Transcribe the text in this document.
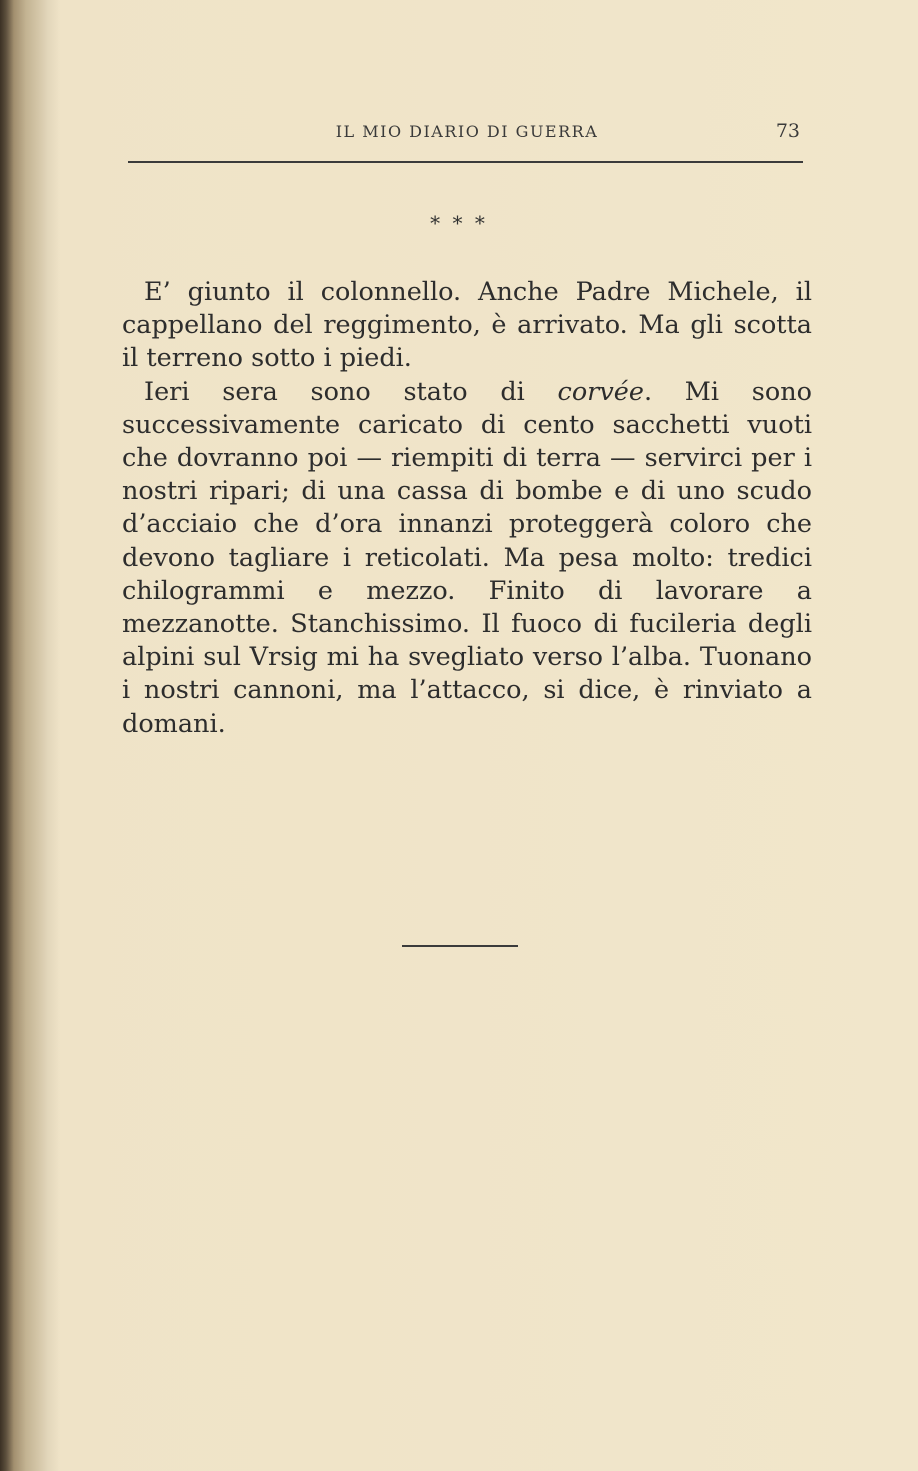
IL MIO DIARIO DI GUERRA	73
* * *

E’ giunto il colonnello. Anche Padre Michele, il cappellano del reggimento, è arrivato. Ma gli scotta il terreno sotto i piedi.

Ieri sera sono stato di corvée. Mi sono successivamente caricato di cento sacchetti vuoti che dovranno poi — riempiti di terra — servirci per i nostri ripari; di una cassa di bombe e di uno scudo d’acciaio che d’ora innanzi proteggerà coloro che devono tagliare i reticolati. Ma pesa molto: tredici chilogrammi e mezzo. Finito di lavorare a mezzanotte. Stanchissimo. Il fuoco di fucileria degli alpini sul Vrsig mi ha svegliato verso l’alba. Tuonano i nostri cannoni, ma l’attacco, si dice, è rinviato a domani.
